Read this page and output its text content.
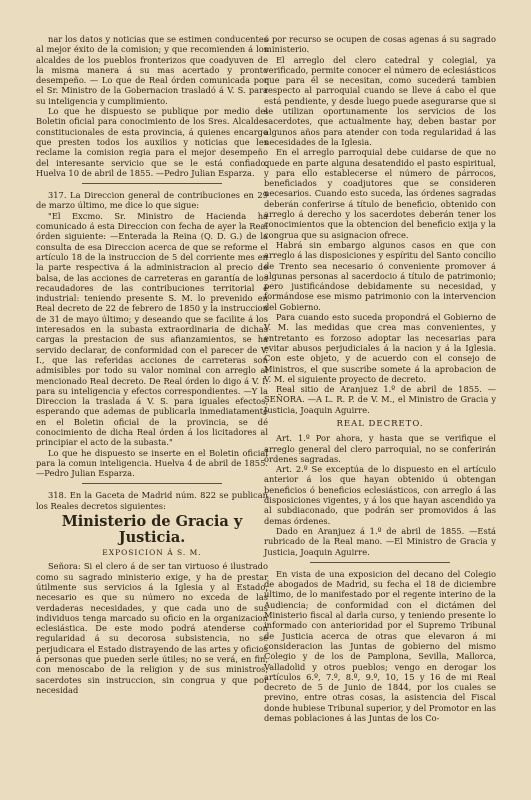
nar los datos y noticias que se estimen conducentes al mejor éxito de la comision; y que recomienden á los alcaldes de los pueblos fronterizos que coadyuven de la misma manera á su mas acertado y pronto desempeño. — Lo que de Real órden comunicada por el Sr. Ministro de la Gobernacion trasladó á V. S. para su inteligencia y cumplimiento.

Lo que he dispuesto se publique por medio del Boletin oficial para conocimiento de los Sres. Alcaldes constitucionales de esta provincia, á quienes encargo que presten todos los auxilios y noticias que les reclame la comision regia para el mejor desempeño del interesante servicio que se le está confiado. Huelva 10 de abril de 1855. —Pedro Julian Esparza.

317. La Direccion general de contribuciones en 29 de marzo último, me dice lo que sigue:

"El Excmo. Sr. Ministro de Hacienda ha comunicado á esta Direccion con fecha de ayer la Real órden siguiente: —Enterada la Reina (Q. D. G.) de la consulta de esa Direccion acerca de que se reforme el artículo 18 de la instruccion de 5 del corriente mes en la parte respectiva á la administracion al precio de balsa, de las acciones de carreteras en garantía de los recaudadores de las contribuciones territorial é industrial: teniendo presente S. M. lo prevenido en Real decreto de 22 de febrero de 1850 y la instruccion de 31 de mayo último; y deseando que se facilite á los interesados en la subasta extraordinaria de dichas cargas la prestacion de sus afianzamientos, se ha servido declarar, de conformidad con el parecer de V. I., que las referidas acciones de carreteras son admisibles por todo su valor nominal con arreglo al mencionado Real decreto. De Real órden lo digo á V. I. para su inteligencia y efectos correspondientes. —Y la Direccion la traslada á V. S. para iguales efectos, esperando que ademas de publicarla inmediatamente en el Boletin oficial de la provincia, se dé conocimiento de dicha Real órden á los licitadores al principiar el acto de la subasta."

Lo que he dispuesto se inserte en el Boletin oficial para la comun inteligencia. Huelva 4 de abril de 1855. —Pedro Julian Esparza.

318. En la Gaceta de Madrid núm. 822 se publican los Reales decretos siguientes:

Ministerio de Gracia y Justicia.
EXPOSICION Á S. M.

Señora: Si el clero á de ser tan virtuoso é ilustrado como su sagrado ministerio exige, y ha de prestar útilmente sus servicios á la Iglesia y al Estado, necesario es que su número no exceda de las verdaderas necesidades, y que cada uno de sus individuos tenga marcado su oficio en la organizacion eclesiástica. De este modo podrá atenderse con regularidad á su decorosa subsistencia, no se perjudicara el Estado distrayendo de las artes y oficios á personas que pueden serle útiles; no se verá, en fin, con menoscabo de la religion y de sus ministros, sacerdotes sin instruccion, sin congrua y que por necesidad

ó por recurso se ocupen de cosas agenas á su sagrado ministerio.

El arreglo del clero catedral y colegial, ya verificado, permite conocer el número de eclesiásticos que para él se necesitan, como sucederá tambien respecto al parroquial cuando se lleve á cabo el que está pendiente, y desde luego puede asegurarse que si se utilizan oportunamente los servicios de los sacerdotes, que actualmente hay, deben bastar por algunos años para atender con toda regularidad á las necesidades de la Iglesia.

En el arreglo parroquial debe cuidarse de que no quede en parte alguna desatendido el pasto espiritual, y para ello establecerse el número de párrocos, beneficiados y coadjutores que se consideren necesarios. Cuando esto suceda, las órdenes sagradas deberán conferirse á título de beneficio, obtenido con arreglo á derecho y los sacerdotes deberán tener los conocimientos que la obtencion del beneficio exija y la congrua que su asignacion ofrece.

Habrá sin embargo algunos casos en que con arreglo á las disposiciones y espíritu del Santo concilio de Trento sea necesario ó conveniente promover á algunas personas al sacerdocio á título de patrimonio; pero justificándose debidamente su necesidad, y formándose ese mismo patrimonio con la intervencion del Gobierno.

Para cuando esto suceda propondrá el Gobierno de V. M. las medidas que crea mas convenientes, y entretanto es forzoso adoptar las necesarias para evitar abusos perjudiciales á la nacion y á la Iglesia. Con este objeto, y de acuerdo con el consejo de Ministros, el que suscribe somete á la aprobacion de V. M. el siguiente proyecto de decreto.

Real sitio de Aranjuez 1.º de abril de 1855. —SEÑORA. —A L. R. P. de V. M., el Ministro de Gracia y Justicia, Joaquin Aguirre.

REAL DECRETO.

Art. 1.º Por ahora, y hasta que se verifique el arreglo general del clero parroquial, no se conferirán órdenes sagradas.

Art. 2.º Se exceptúa de lo dispuesto en el artículo anterior á los que hayan obtenido ú obtengan beneficios ó beneficios eclesiásticos, con arreglo á las disposiciones vigentes, y á los que hayan ascendido ya al subdiaconado, que podrán ser promovidos á las demas órdenes.

Dado en Aranjuez á 1.º de abril de 1855. —Está rubricado de la Real mano. —El Ministro de Gracia y Justicia, Joaquin Aguirre.

En vista de una exposicion del decano del Colegio de abogados de Madrid, su fecha el 18 de diciembre último, de lo manifestado por el regente interino de la Audiencia; de conformidad con el dictámen del Ministerio fiscal al darla curso, y teniendo presente lo informado con anterioridad por el Supremo Tribunal de Justicia acerca de otras que elevaron á mi consideracion las Juntas de gobierno del mismo Colegio y de los de Pamplona, Sevilla, Mallorca, Valladolid y otros pueblos; vengo en derogar los artículos 6.º, 7.º, 8.º, 9.º, 10, 15 y 16 de mi Real decreto de 5 de Junio de 1844, por los cuales se previno, entre otras cosas, la asistencia del Fiscal donde hubiese Tribunal superior, y del Promotor en las demas poblaciones á las Juntas de los Co-
